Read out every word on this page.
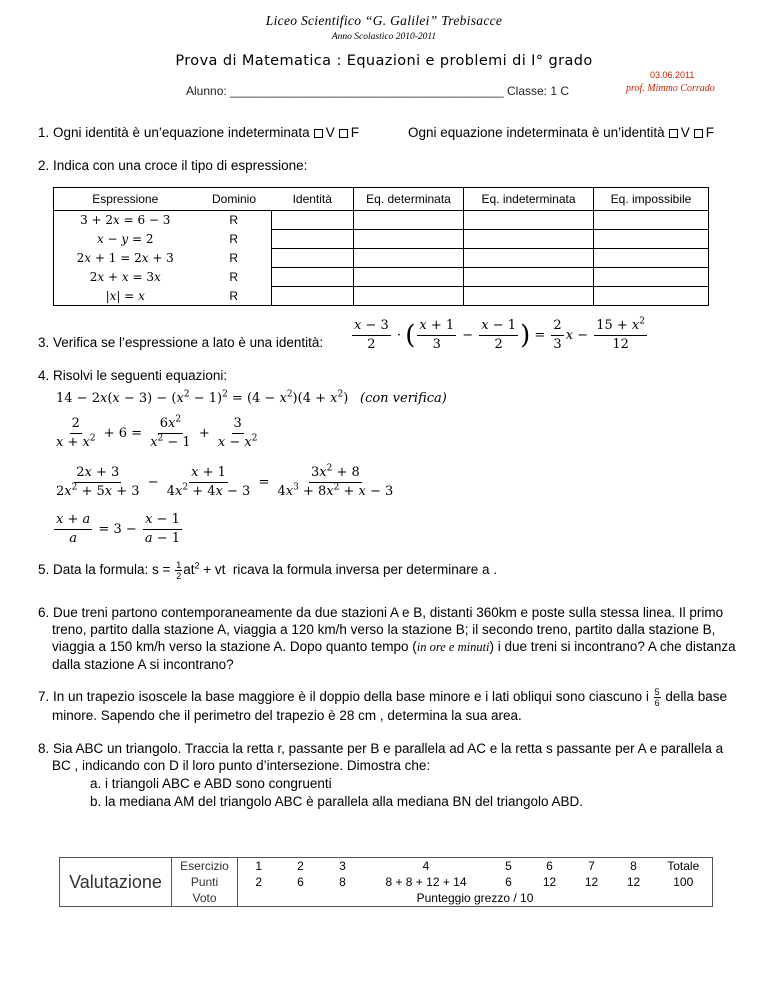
Liceo Scientifico “G. Galilei” Trebisacce
Anno Scolastico 2010-2011
Prova di Matematica : Equazioni e problemi di I° grado
Alunno: _________________________________________ Classe: 1 C
03.06.2011
prof. Mimmo Corrado
1. Ogni identità è un’equazione indeterminata V F	Ogni equazione indeterminata è un’identità V F
2. Indica con una croce il tipo di espressione:
Espressione	Dominio	Identità	Eq. determinata	Eq. indeterminata	Eq. impossibile
3 + 2x = 6 − 3	R				
x − y = 2	R				
2x + 1 = 2x + 3	R				
2x + x = 3x	R				
|x| = x	R				
3. Verifica se l’espressione a lato è una identità: $\frac{x - 3}{2}$ · ( $\frac{x + 1}{3} - \frac{x - 1}{2}$ ) = $\frac{2}{3}$ $x - \frac{15 + x^2}{12}$
4. Risolvi le seguenti equazioni:
$14 - 2x(x - 3) - (x^2 - 1)^2 = (4 - x^2)(4 + x^2)$ (con verifica)
$\frac{2}{x + x^2} + 6 = \frac{6x^2}{x^2 - 1} + \frac{3}{x - x^2}$
$\frac{2x + 3}{2x^2 + 5x + 3} - \frac{x + 1}{4x^2 + 4x - 3} = \frac{3x^2 + 8}{4x^3 + 8x^2 + x - 3}$
$\frac{x + a}{a} = 3 - \frac{x - 1}{a - 1}$
5. Data la formula: $s = \frac{1}{2} at^2$ + vt  ricava la formula inversa per determinare a .
6. Due treni partono contemporaneamente da due stazioni A e B, distanti 360km e poste sulla stessa linea. Il primo treno, partito dalla stazione A, viaggia a 120 km/h verso la stazione B; il secondo treno, partito dalla stazione B, viaggia a 150 km/h verso la stazione A. Dopo quanto tempo (in ore e minuti) i due treni si incontrano? A che distanza dalla stazione A si incontrano?
7. In un trapezio isoscele la base maggiore è il doppio della base minore e i lati obliqui sono ciascuno i $\frac{5}{6}$ della base
minore. Sapendo che il perimetro del trapezio è 28 cm , determina la sua area.
8. Sia ABC un triangolo. Traccia la retta r, passante per B e parallela ad AC e la retta s passante per A e parallela a BC , indicando con D il loro punto d’intersezione. Dimostra che:
a. i triangoli ABC e ABD sono congruenti
b. la mediana AM del triangolo ABC è parallela alla mediana BN del triangolo ABD.
Valutazione	Esercizio	1	2	3	4	5	6	7	8	Totale
	Punti	2	6	8	8 + 8 + 12 + 14	6	12	12	12	100
	Voto	Punteggio grezzo / 10								
